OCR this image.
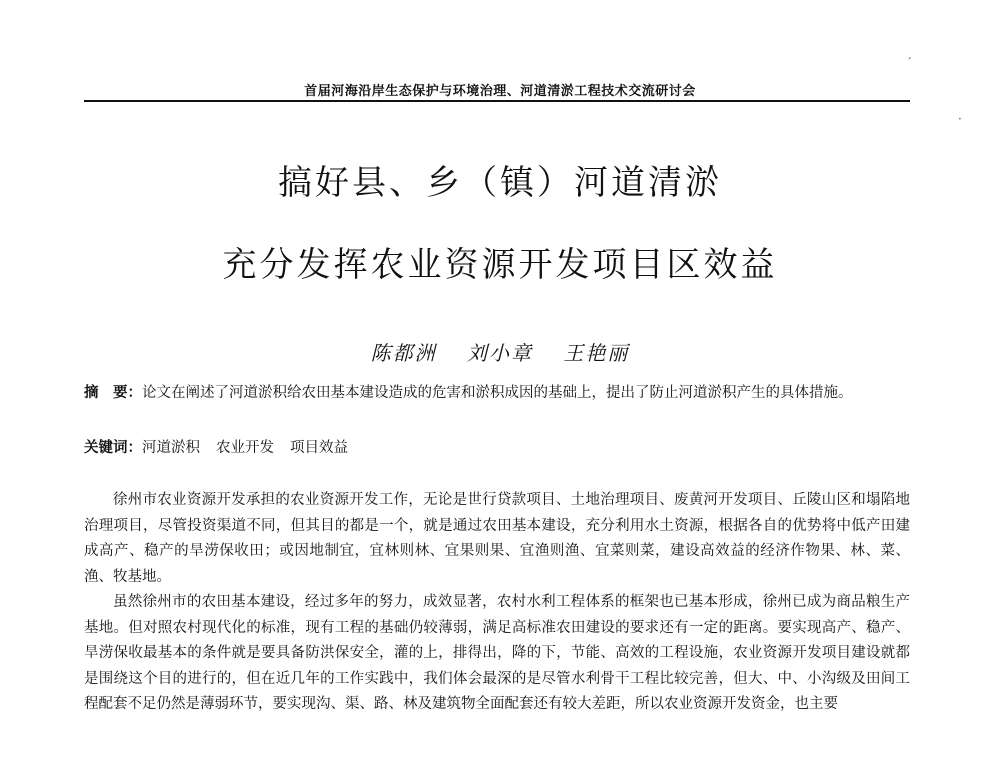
首届河海沿岸生态保护与环境治理、河道清淤工程技术交流研讨会
搞好县、乡（镇）河道清淤
充分发挥农业资源开发项目区效益
陈都洲 刘小章 王艳丽
摘　要：论文在阐述了河道淤积给农田基本建设造成的危害和淤积成因的基础上，提出了防止河道淤积产生的具体措施。
关键词：河道淤积 农业开发 项目效益

徐州市农业资源开发承担的农业资源开发工作，无论是世行贷款项目、土地治理项目、废黄河开发项目、丘陵山区和塌陷地治理项目，尽管投资渠道不同，但其目的都是一个，就是通过农田基本建设，充分利用水土资源，根据各自的优势将中低产田建成高产、稳产的旱涝保收田；或因地制宜，宜林则林、宜果则果、宜渔则渔、宜菜则菜，建设高效益的经济作物果、林、菜、渔、牧基地。

虽然徐州市的农田基本建设，经过多年的努力，成效显著，农村水利工程体系的框架也已基本形成，徐州已成为商品粮生产基地。但对照农村现代化的标准，现有工程的基础仍较薄弱，满足高标准农田建设的要求还有一定的距离。要实现高产、稳产、旱涝保收最基本的条件就是要具备防洪保安全，灌的上，排得出，降的下，节能、高效的工程设施，农业资源开发项目建设就都是围绕这个目的进行的，但在近几年的工作实践中，我们体会最深的是尽管水利骨干工程比较完善，但大、中、小沟级及田间工程配套不足仍然是薄弱环节，要实现沟、渠、路、林及建筑物全面配套还有较大差距，所以农业资源开发资金，也主要

ˊ
·
